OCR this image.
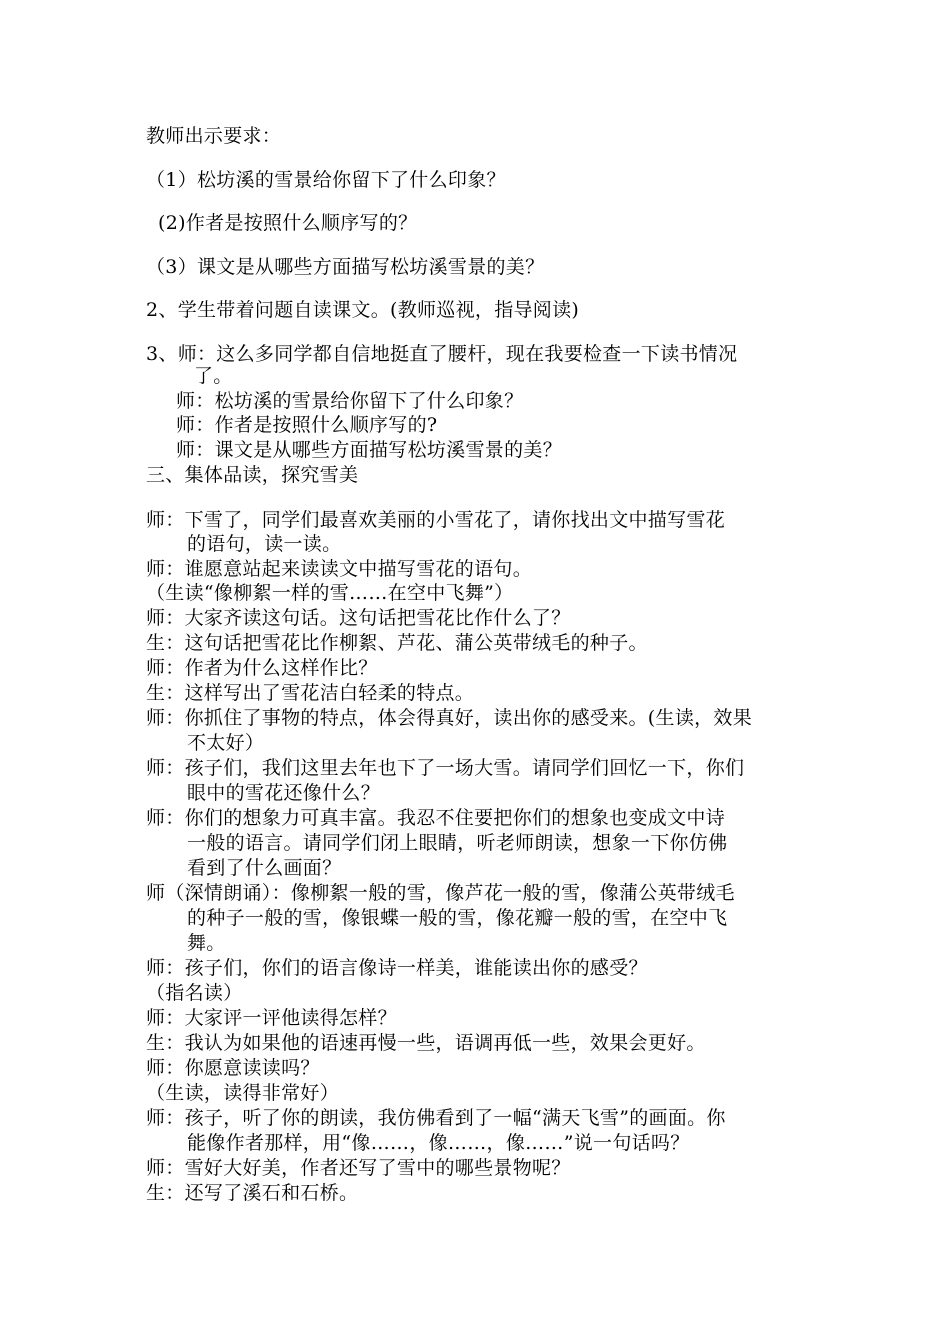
教师出示要求：
（1）松坊溪的雪景给你留下了什么印象？
(2)作者是按照什么顺序写的？
（3）课文是从哪些方面描写松坊溪雪景的美？
2、学生带着问题自读课文。(教师巡视，指导阅读)
3、师：这么多同学都自信地挺直了腰杆，现在我要检查一下读书情况
了。
师：松坊溪的雪景给你留下了什么印象？
师：作者是按照什么顺序写的?
师：课文是从哪些方面描写松坊溪雪景的美？
三、集体品读，探究雪美
师：下雪了，同学们最喜欢美丽的小雪花了，请你找出文中描写雪花
的语句，读一读。
师：谁愿意站起来读读文中描写雪花的语句。
（生读“像柳絮一样的雪……在空中飞舞”）
师：大家齐读这句话。这句话把雪花比作什么了？
生：这句话把雪花比作柳絮、芦花、蒲公英带绒毛的种子。
师：作者为什么这样作比？
生：这样写出了雪花洁白轻柔的特点。
师：你抓住了事物的特点，体会得真好，读出你的感受来。(生读，效果
不太好）
师：孩子们，我们这里去年也下了一场大雪。请同学们回忆一下，你们
眼中的雪花还像什么？
师：你们的想象力可真丰富。我忍不住要把你们的想象也变成文中诗
一般的语言。请同学们闭上眼睛，听老师朗读，想象一下你仿佛
看到了什么画面？
师（深情朗诵）：像柳絮一般的雪，像芦花一般的雪，像蒲公英带绒毛
的种子一般的雪，像银蝶一般的雪，像花瓣一般的雪，在空中飞
舞。
师：孩子们，你们的语言像诗一样美，谁能读出你的感受？
（指名读）
师：大家评一评他读得怎样？
生：我认为如果他的语速再慢一些，语调再低一些，效果会更好。
师：你愿意读读吗？
（生读，读得非常好）
师：孩子，听了你的朗读，我仿佛看到了一幅“满天飞雪”的画面。你
能像作者那样，用“像……，像……，像……”说一句话吗？
师：雪好大好美，作者还写了雪中的哪些景物呢？
生：还写了溪石和石桥。
